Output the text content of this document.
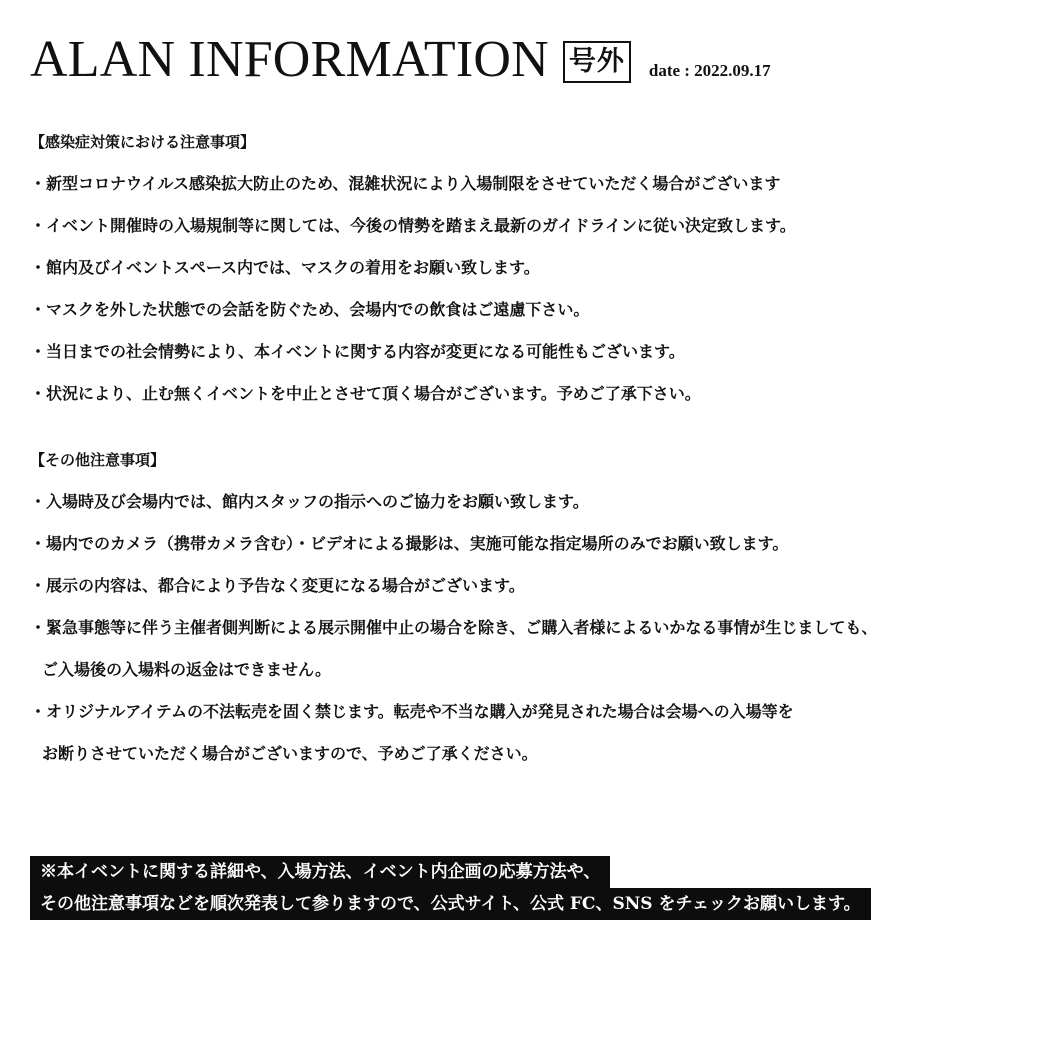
ALAN INFORMATION 号外	date : 2022.09.17
【感染症対策における注意事項】
・新型コロナウイルス感染拡大防止のため、混雑状況により入場制限をさせていただく場合がございます
・イベント開催時の入場規制等に関しては、今後の情勢を踏まえ最新のガイドラインに従い決定致します。
・館内及びイベントスペース内では、マスクの着用をお願い致します。
・マスクを外した状態での会話を防ぐため、会場内での飲食はご遠慮下さい。
・当日までの社会情勢により、本イベントに関する内容が変更になる可能性もございます。
・状況により、止む無くイベントを中止とさせて頂く場合がございます。予めご了承下さい。
【その他注意事項】
・入場時及び会場内では、館内スタッフの指示へのご協力をお願い致します。
・場内でのカメラ（携帯カメラ含む）・ビデオによる撮影は、実施可能な指定場所のみでお願い致します。
・展示の内容は、都合により予告なく変更になる場合がございます。
・緊急事態等に伴う主催者側判断による展示開催中止の場合を除き、ご購入者様によるいかなる事情が生じましても、
ご入場後の入場料の返金はできません。
・オリジナルアイテムの不法転売を固く禁じます。転売や不当な購入が発見された場合は会場への入場等を
お断りさせていただく場合がございますので、予めご了承ください。
※本イベントに関する詳細や、入場方法、イベント内企画の応募方法や、
その他注意事項などを順次発表して参りますので、公式サイト、公式 FC、SNS をチェックお願いします。
